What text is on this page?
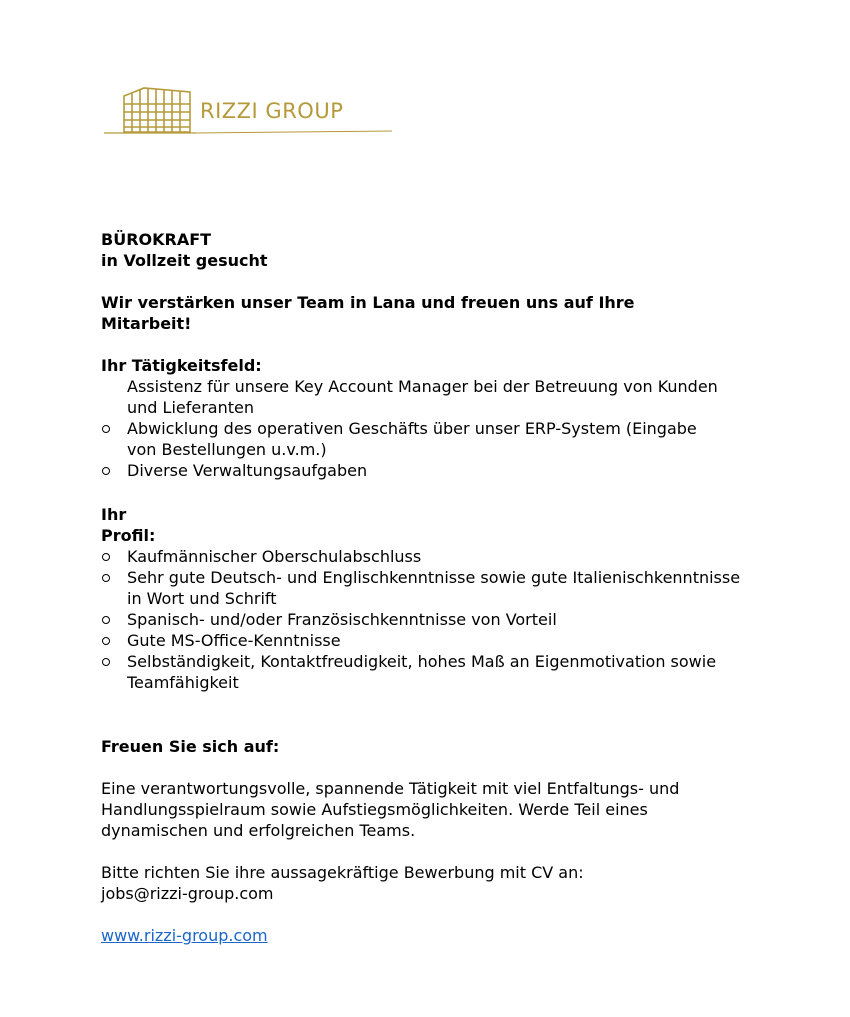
RIZZI GROUP
BÜROKRAFT
in Vollzeit gesucht
Wir verstärken unser Team in Lana und freuen uns auf Ihre
Mitarbeit!
Ihr Tätigkeitsfeld:
Assistenz für unsere Key Account Manager bei der Betreuung von Kunden
und Lieferanten
Abwicklung des operativen Geschäfts über unser ERP-System (Eingabe
von Bestellungen u.v.m.)
Diverse Verwaltungsaufgaben
Ihr
Profil:
Kaufmännischer Oberschulabschluss
Sehr gute Deutsch- und Englischkenntnisse sowie gute Italienischkenntnisse
in Wort und Schrift
Spanisch- und/oder Französischkenntnisse von Vorteil
Gute MS-Office-Kenntnisse
Selbständigkeit, Kontaktfreudigkeit, hohes Maß an Eigenmotivation sowie
Teamfähigkeit
Freuen Sie sich auf:
Eine verantwortungsvolle, spannende Tätigkeit mit viel Entfaltungs- und
Handlungsspielraum sowie Aufstiegsmöglichkeiten. Werde Teil eines
dynamischen und erfolgreichen Teams.
Bitte richten Sie ihre aussagekräftige Bewerbung mit CV an:
jobs@rizzi-group.com
www.rizzi-group.com
